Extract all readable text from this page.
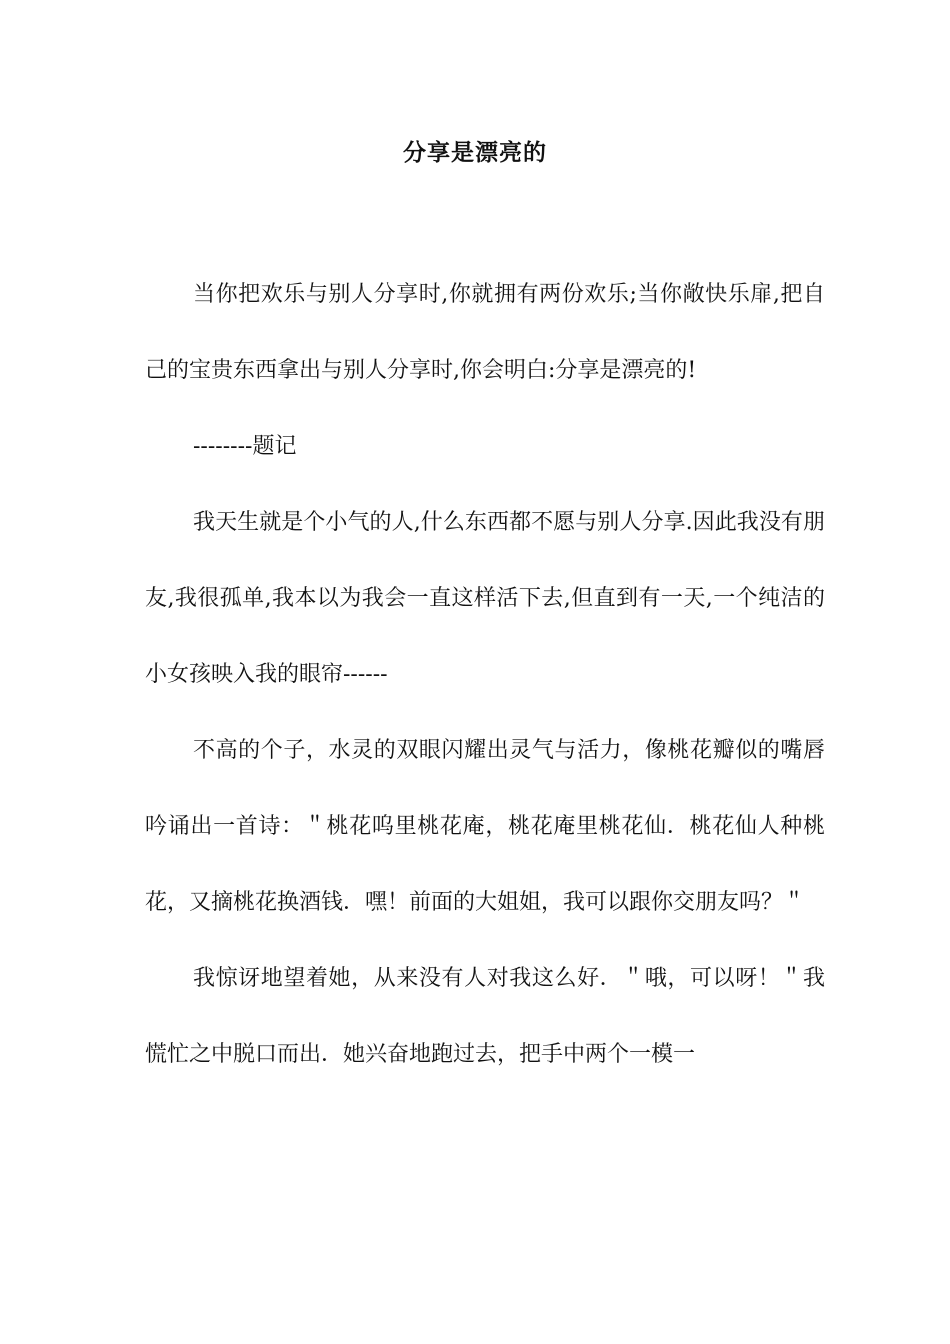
分享是漂亮的

当你把欢乐与别人分享时,你就拥有两份欢乐;当你敞快乐扉,把自己的宝贵东西拿出与别人分享时,你会明白:分享是漂亮的!

--------题记

我天生就是个小气的人,什么东西都不愿与别人分享.因此我没有朋友,我很孤单,我本以为我会一直这样活下去,但直到有一天,一个纯洁的小女孩映入我的眼帘------

不高的个子，水灵的双眼闪耀出灵气与活力，像桃花瓣似的嘴唇吟诵出一首诗：＂桃花呜里桃花庵，桃花庵里桃花仙．桃花仙人种桃花，又摘桃花换酒钱．嘿！前面的大姐姐，我可以跟你交朋友吗？＂

我惊讶地望着她，从来没有人对我这么好．＂哦，可以呀！＂我慌忙之中脱口而出．她兴奋地跑过去，把手中两个一模一
